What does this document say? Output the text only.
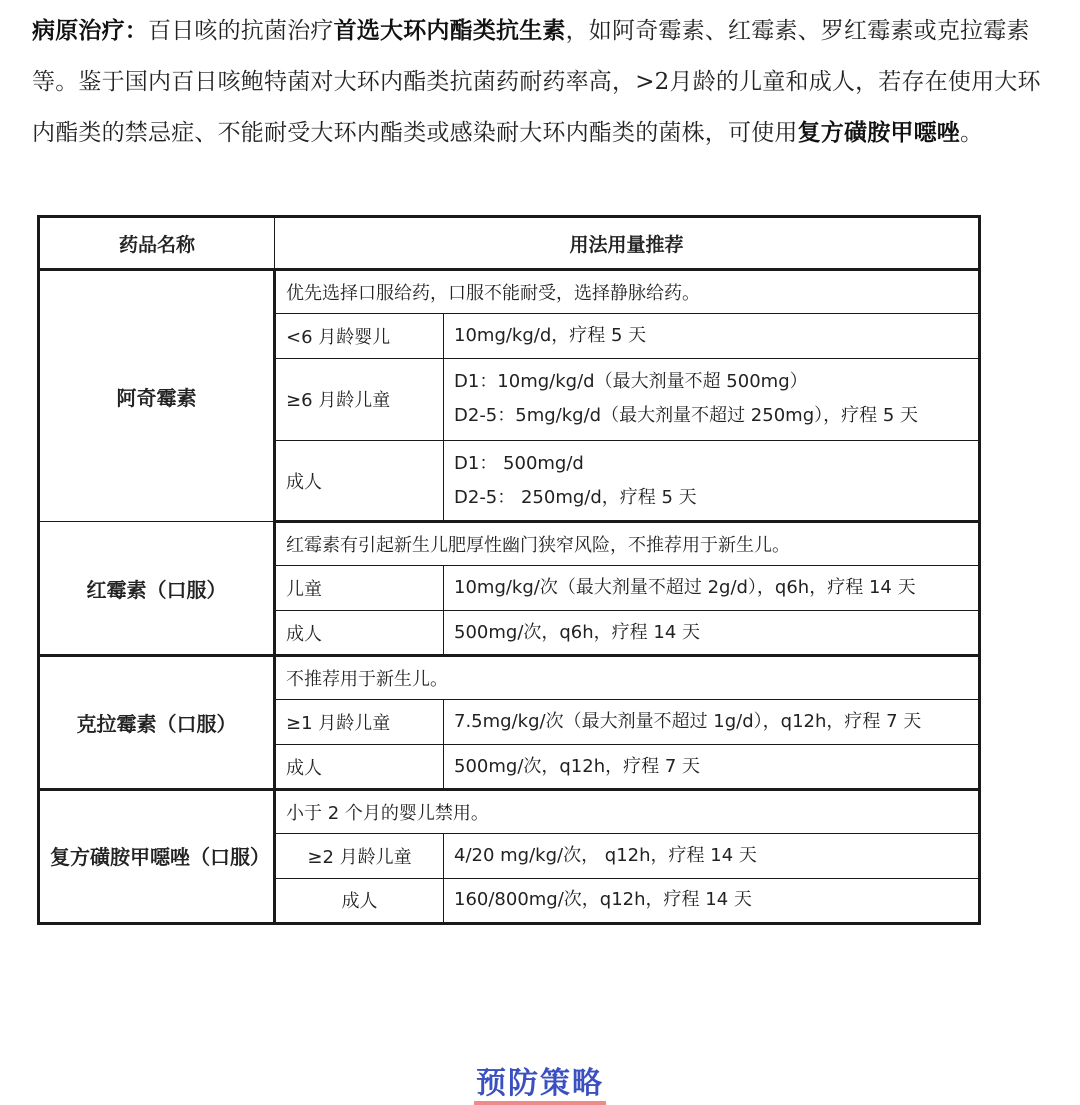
病原治疗：百日咳的抗菌治疗首选大环内酯类抗生素，如阿奇霉素、红霉素、罗红霉素或克拉霉素等。鉴于国内百日咳鲍特菌对大环内酯类抗菌药耐药率高，>2月龄的儿童和成人，若存在使用大环内酯类的禁忌症、不能耐受大环内酯类或感染耐大环内酯类的菌株，可使用复方磺胺甲噁唑。
药品名称	用法用量推荐	
阿奇霉素	优先选择口服给药，口服不能耐受，选择静脉给药。	
	<6 月龄婴儿	10mg/kg/d，疗程 5 天

	≥6 月龄儿童	D1：10mg/kg/d（最大剂量不超 500mg）
D2-5：5mg/kg/d（最大剂量不超过 250mg），疗程 5 天

	成人	D1： 500mg/d
D2-5： 250mg/d，疗程 5 天

红霉素（口服）	红霉素有引起新生儿肥厚性幽门狭窄风险，不推荐用于新生儿。	
	儿童	10mg/kg/次（最大剂量不超过 2g/d），q6h，疗程 14 天

	成人	500mg/次，q6h，疗程 14 天

克拉霉素（口服）	不推荐用于新生儿。	
	≥1 月龄儿童	7.5mg/kg/次（最大剂量不超过 1g/d），q12h，疗程 7 天

	成人	500mg/次，q12h，疗程 7 天

复方磺胺甲噁唑（口服）	小于 2 个月的婴儿禁用。	
	≥2 月龄儿童	4/20 mg/kg/次， q12h，疗程 14 天

	成人	160/800mg/次，q12h，疗程 14 天
预防策略
